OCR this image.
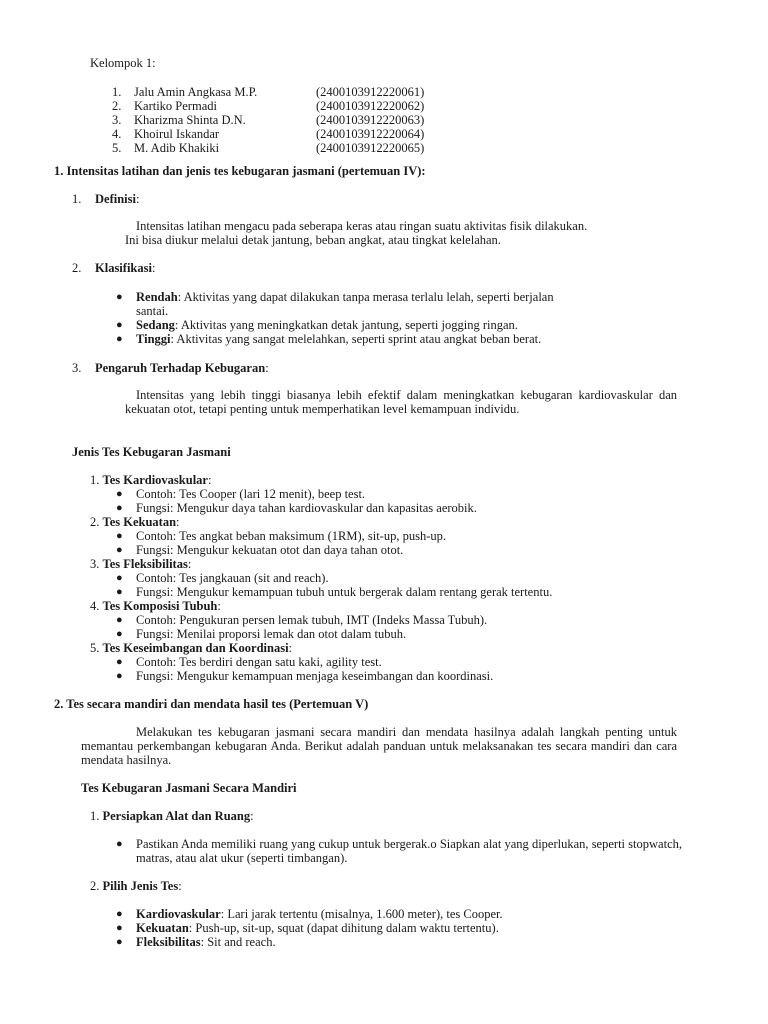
Kelompok 1:
1. Jalu Amin Angkasa M.P.	(2400103912220061)
2. Kartiko Permadi	(2400103912220062)
3. Kharizma Shinta D.N.	(2400103912220063)
4. Khoirul Iskandar	(2400103912220064)
5. M. Adib Khakiki	(2400103912220065)
1. Intensitas latihan dan jenis tes kebugaran jasmani (pertemuan IV):
1. Definisi:
Intensitas latihan mengacu pada seberapa keras atau ringan suatu aktivitas fisik dilakukan.
Ini bisa diukur melalui detak jantung, beban angkat, atau tingkat kelelahan.
2. Klasifikasi:
● Rendah: Aktivitas yang dapat dilakukan tanpa merasa terlalu lelah, seperti berjalan
santai.
● Sedang: Aktivitas yang meningkatkan detak jantung, seperti jogging ringan.
● Tinggi: Aktivitas yang sangat melelahkan, seperti sprint atau angkat beban berat.
3. Pengaruh Terhadap Kebugaran:
Intensitas yang lebih tinggi biasanya lebih efektif dalam meningkatkan kebugaran kardiovaskular dan kekuatan otot, tetapi penting untuk memperhatikan level kemampuan individu.
Jenis Tes Kebugaran Jasmani
1. Tes Kardiovaskular:
● Contoh: Tes Cooper (lari 12 menit), beep test.
● Fungsi: Mengukur daya tahan kardiovaskular dan kapasitas aerobik.
2. Tes Kekuatan:
● Contoh: Tes angkat beban maksimum (1RM), sit-up, push-up.
● Fungsi: Mengukur kekuatan otot dan daya tahan otot.
3. Tes Fleksibilitas:
● Contoh: Tes jangkauan (sit and reach).
● Fungsi: Mengukur kemampuan tubuh untuk bergerak dalam rentang gerak tertentu.
4. Tes Komposisi Tubuh:
● Contoh: Pengukuran persen lemak tubuh, IMT (Indeks Massa Tubuh).
● Fungsi: Menilai proporsi lemak dan otot dalam tubuh.
5. Tes Keseimbangan dan Koordinasi:
● Contoh: Tes berdiri dengan satu kaki, agility test.
● Fungsi: Mengukur kemampuan menjaga keseimbangan dan koordinasi.
2. Tes secara mandiri dan mendata hasil tes (Pertemuan V)
Melakukan tes kebugaran jasmani secara mandiri dan mendata hasilnya adalah langkah penting untuk memantau perkembangan kebugaran Anda. Berikut adalah panduan untuk melaksanakan tes secara mandiri dan cara mendata hasilnya.
Tes Kebugaran Jasmani Secara Mandiri
1. Persiapkan Alat dan Ruang:
● Pastikan Anda memiliki ruang yang cukup untuk bergerak.o Siapkan alat yang diperlukan, seperti stopwatch, matras, atau alat ukur (seperti timbangan).
2. Pilih Jenis Tes:
● Kardiovaskular: Lari jarak tertentu (misalnya, 1.600 meter), tes Cooper.
● Kekuatan: Push-up, sit-up, squat (dapat dihitung dalam waktu tertentu).
● Fleksibilitas: Sit and reach.
